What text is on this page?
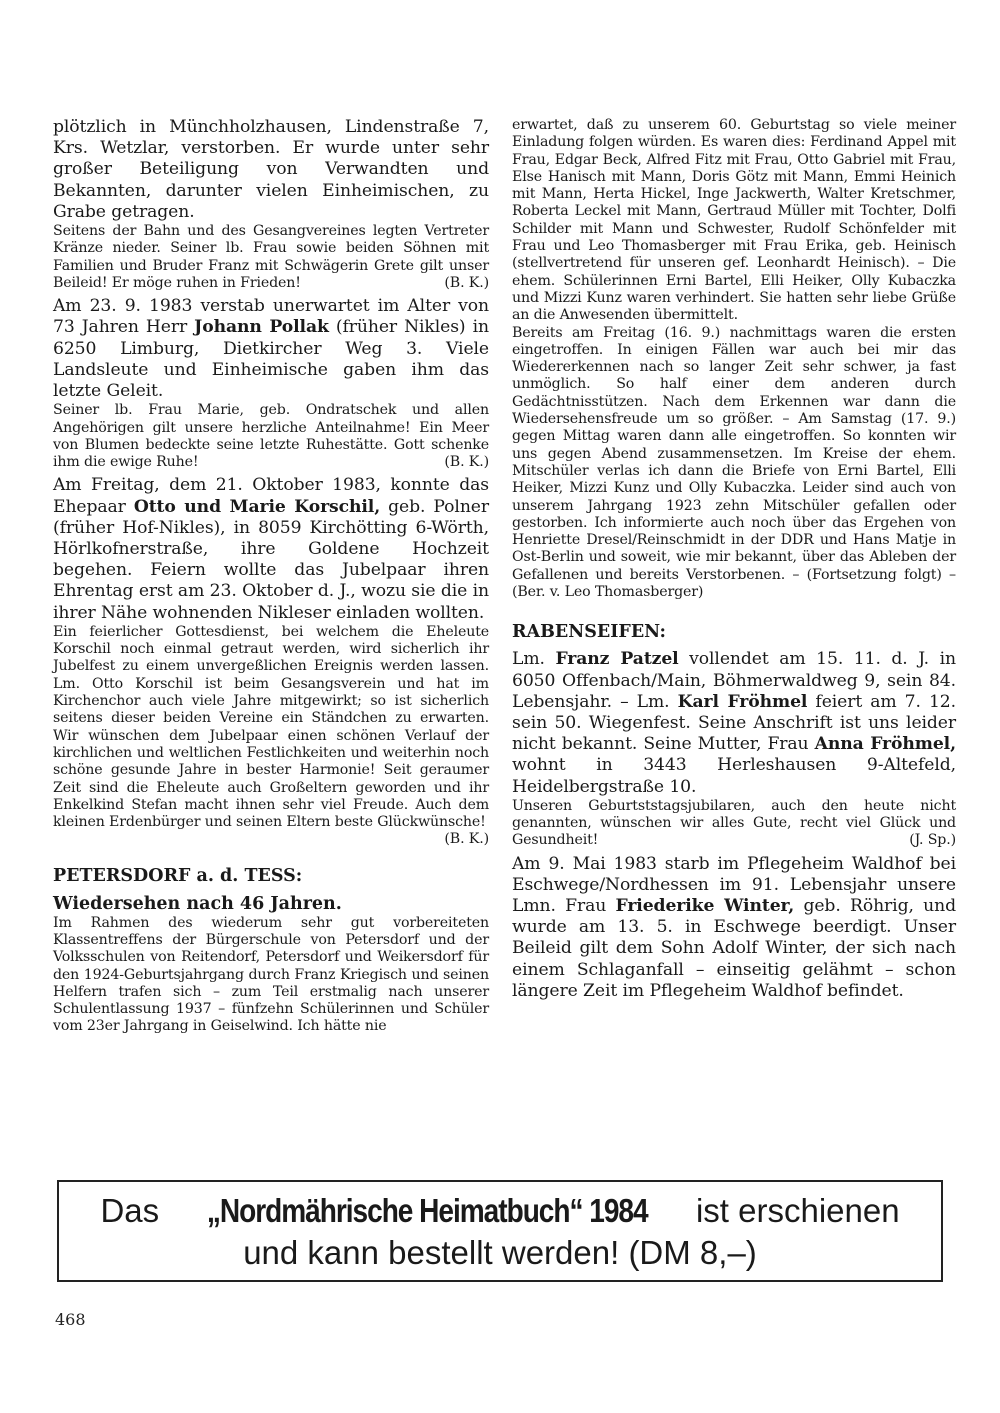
plötzlich in Münchholzhausen, Lindenstraße 7, Krs. Wetzlar, verstorben. Er wurde unter sehr großer Beteiligung von Verwandten und Bekannten, darunter vielen Einheimischen, zu Grabe getragen.

Seitens der Bahn und des Gesangvereines legten Vertreter Kränze nieder. Seiner lb. Frau sowie beiden Söhnen mit Familien und Bruder Franz mit Schwägerin Grete gilt unser Beileid! Er möge ruhen in Frieden!	(B. K.)

Am 23. 9. 1983 verstab unerwartet im Alter von 73 Jahren Herr Johann Pollak (früher Nikles) in 6250 Limburg, Dietkircher Weg 3. Viele Landsleute und Einheimische gaben ihm das letzte Geleit.

Seiner lb. Frau Marie, geb. Ondratschek und allen Angehörigen gilt unsere herzliche Anteilnahme! Ein Meer von Blumen bedeckte seine letzte Ruhestätte. Gott schenke ihm die ewige Ruhe!	(B. K.)

Am Freitag, dem 21. Oktober 1983, konnte das Ehepaar Otto und Marie Korschil, geb. Polner (früher Hof-Nikles), in 8059 Kirchötting 6-Wörth, Hörlkofnerstraße, ihre Goldene Hochzeit begehen. Feiern wollte das Jubelpaar ihren Ehrentag erst am 23. Oktober d. J., wozu sie die in ihrer Nähe wohnenden Nikleser einladen wollten.

Ein feierlicher Gottesdienst, bei welchem die Eheleute Korschil noch einmal getraut werden, wird sicherlich ihr Jubelfest zu einem unvergeßlichen Ereignis werden lassen. Lm. Otto Korschil ist beim Gesangsverein und hat im Kirchenchor auch viele Jahre mitgewirkt; so ist sicherlich seitens dieser beiden Vereine ein Ständchen zu erwarten. Wir wünschen dem Jubelpaar einen schönen Verlauf der kirchlichen und weltlichen Festlichkeiten und weiterhin noch schöne gesunde Jahre in bester Harmonie! Seit geraumer Zeit sind die Eheleute auch Großeltern geworden und ihr Enkelkind Stefan macht ihnen sehr viel Freude. Auch dem kleinen Erdenbürger und seinen Eltern beste Glückwünsche!
(B. K.)

PETERSDORF a. d. TESS:
Wiedersehen nach 46 Jahren.

Im Rahmen des wiederum sehr gut vorbereiteten Klassentreffens der Bürgerschule von Petersdorf und der Volksschulen von Reitendorf, Petersdorf und Weikersdorf für den 1924-Geburtsjahrgang durch Franz Kriegisch und seinen Helfern trafen sich – zum Teil erstmalig nach unserer Schulentlassung 1937 – fünfzehn Schülerinnen und Schüler vom 23er Jahrgang in Geiselwind. Ich hätte nie

erwartet, daß zu unserem 60. Geburtstag so viele meiner Einladung folgen würden. Es waren dies: Ferdinand Appel mit Frau, Edgar Beck, Alfred Fitz mit Frau, Otto Gabriel mit Frau, Else Hanisch mit Mann, Doris Götz mit Mann, Emmi Heinich mit Mann, Herta Hickel, Inge Jackwerth, Walter Kretschmer, Roberta Leckel mit Mann, Gertraud Müller mit Tochter, Dolfi Schilder mit Mann und Schwester, Rudolf Schönfelder mit Frau und Leo Thomasberger mit Frau Erika, geb. Heinisch (stellvertretend für unseren gef. Leonhardt Heinisch). – Die ehem. Schülerinnen Erni Bartel, Elli Heiker, Olly Kubaczka und Mizzi Kunz waren verhindert. Sie hatten sehr liebe Grüße an die Anwesenden übermittelt.

Bereits am Freitag (16. 9.) nachmittags waren die ersten eingetroffen. In einigen Fällen war auch bei mir das Wiedererkennen nach so langer Zeit sehr schwer, ja fast unmöglich. So half einer dem anderen durch Gedächtnisstützen. Nach dem Erkennen war dann die Wiedersehensfreude um so größer. – Am Samstag (17. 9.) gegen Mittag waren dann alle eingetroffen. So konnten wir uns gegen Abend zusammensetzen. Im Kreise der ehem. Mitschüler verlas ich dann die Briefe von Erni Bartel, Elli Heiker, Mizzi Kunz und Olly Kubaczka. Leider sind auch von unserem Jahrgang 1923 zehn Mitschüler gefallen oder gestorben. Ich informierte auch noch über das Ergehen von Henriette Dresel/Reinschmidt in der DDR und Hans Matje in Ost-Berlin und soweit, wie mir bekannt, über das Ableben der Gefallenen und bereits Verstorbenen. – (Fortsetzung folgt) – (Ber. v. Leo Thomasberger)

RABENSEIFEN:

Lm. Franz Patzel vollendet am 15. 11. d. J. in 6050 Offenbach/Main, Böhmerwaldweg 9, sein 84. Lebensjahr. – Lm. Karl Fröhmel feiert am 7. 12. sein 50. Wiegenfest. Seine Anschrift ist uns leider nicht bekannt. Seine Mutter, Frau Anna Fröhmel, wohnt in 3443 Herleshausen 9-Altefeld, Heidelbergstraße 10.

Unseren Geburtststagsjubilaren, auch den heute nicht genannten, wünschen wir alles Gute, recht viel Glück und Gesundheit!	(J. Sp.)

Am 9. Mai 1983 starb im Pflegeheim Waldhof bei Eschwege/Nordhessen im 91. Lebensjahr unsere Lmn. Frau Friederike Winter, geb. Röhrig, und wurde am 13. 5. in Eschwege beerdigt. Unser Beileid gilt dem Sohn Adolf Winter, der sich nach einem Schlaganfall – einseitig gelähmt – schon längere Zeit im Pflegeheim Waldhof befindet.

Das „Nordmährische Heimatbuch“ 1984 ist erschienen
und kann bestellt werden! (DM 8,–)
468
